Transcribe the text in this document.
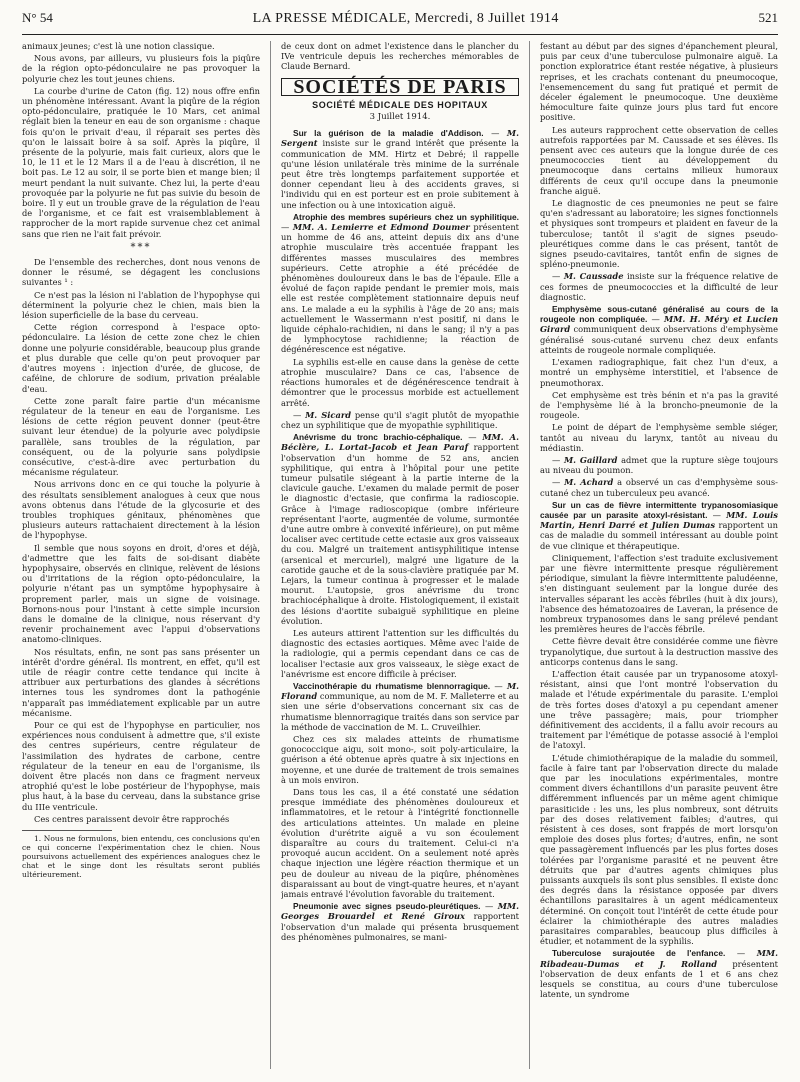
N° 54	LA PRESSE MÉDICALE, Mercredi, 8 Juillet 1914	521

animaux jeunes; c'est là une notion classique.

Nous avons, par ailleurs, vu plusieurs fois la piqûre de la région opto-pédonculaire ne pas provoquer la polyurie chez les tout jeunes chiens.

La courbe d'urine de Caton (fig. 12) nous offre enfin un phénomène intéressant. Avant la piqûre de la région opto-pédonculaire, pratiquée le 10 Mars, cet animal réglait bien la teneur en eau de son organisme : chaque fois qu'on le privait d'eau, il réparait ses pertes dès qu'on le laissait boire à sa soif. Après la piqûre, il présente de la polyurie, mais fait curieux, alors que le 10, le 11 et le 12 Mars il a de l'eau à discrétion, il ne boit pas. Le 12 au soir, il se porte bien et mange bien; il meurt pendant la nuit suivante. Chez lui, la perte d'eau provoquée par la polyurie ne fut pas suivie du besoin de boire. Il y eut un trouble grave de la régulation de l'eau de l'organisme, et ce fait est vraisemblablement à rapprocher de la mort rapide survenue chez cet animal sans que rien ne l'ait fait prévoir.

***

De l'ensemble des recherches, dont nous venons de donner le résumé, se dégagent les conclusions suivantes ¹ :

Ce n'est pas la lésion ni l'ablation de l'hypophyse qui déterminent la polyurie chez le chien, mais bien la lésion superficielle de la base du cerveau.

Cette région correspond à l'espace opto-pédonculaire. La lésion de cette zone chez le chien donne une polyurie considérable, beaucoup plus grande et plus durable que celle qu'on peut provoquer par d'autres moyens : injection d'urée, de glucose, de caféine, de chlorure de sodium, privation préalable d'eau.

Cette zone paraît faire partie d'un mécanisme régulateur de la teneur en eau de l'organisme. Les lésions de cette région peuvent donner (peut-être suivant leur étendue) de la polyurie avec polydipsie parallèle, sans troubles de la régulation, par conséquent, ou de la polyurie sans polydipsie consécutive, c'est-à-dire avec perturbation du mécanisme régulateur.

Nous arrivons donc en ce qui touche la polyurie à des résultats sensiblement analogues à ceux que nous avons obtenus dans l'étude de la glycosurie et des troubles trophiques génitaux, phénomènes que plusieurs auteurs rattachaient directement à la lésion de l'hypophyse.

Il semble que nous soyons en droit, d'ores et déjà, d'admettre que les faits de soi-disant diabète hypophysaire, observés en clinique, relèvent de lésions ou d'irritations de la région opto-pédonculaire, la polyurie n'étant pas un symptôme hypophysaire à proprement parler, mais un signe de voisinage. Bornons-nous pour l'instant à cette simple incursion dans le domaine de la clinique, nous réservant d'y revenir prochainement avec l'appui d'observations anatomo-cliniques.

Nos résultats, enfin, ne sont pas sans présenter un intérêt d'ordre général. Ils montrent, en effet, qu'il est utile de réagir contre cette tendance qui incite à attribuer aux perturbations des glandes à sécrétions internes tous les syndromes dont la pathogénie n'apparaît pas immédiatement explicable par un autre mécanisme.

Pour ce qui est de l'hypophyse en particulier, nos expériences nous conduisent à admettre que, s'il existe des centres supérieurs, centre régulateur de l'assimilation des hydrates de carbone, centre régulateur de la teneur en eau de l'organisme, ils doivent être placés non dans ce fragment nerveux atrophié qu'est le lobe postérieur de l'hypophyse, mais plus haut, à la base du cerveau, dans la substance grise du IIIe ventricule.

Ces centres paraissent devoir être rapprochés

1. Nous ne formulons, bien entendu, ces conclusions qu'en ce qui concerne l'expérimentation chez le chien. Nous poursuivons actuellement des expériences analogues chez le chat et le singe dont les résultats seront publiés ultérieurement.

de ceux dont on admet l'existence dans le plancher du IVe ventricule depuis les recherches mémorables de Claude Bernard.

SOCIÉTÉS DE PARIS
SOCIÉTÉ MÉDICALE DES HOPITAUX
3 Juillet 1914.

Sur la guérison de la maladie d'Addison. — M. Sergent insiste sur le grand intérêt que présente la communication de MM. Hirtz et Debré; il rappelle qu'une lésion unilatérale très minime de la surrénale peut être très longtemps parfaitement supportée et donner cependant lieu à des accidents graves, si l'individu qui en est porteur est en proie subitement à une infection ou à une intoxication aiguë.

Atrophie des membres supérieurs chez un syphilitique. — MM. A. Lemierre et Edmond Doumer présentent un homme de 46 ans, atteint depuis dix ans d'une atrophie musculaire très accentuée frappant les différentes masses musculaires des membres supérieurs. Cette atrophie a été précédée de phénomènes douloureux dans le bas de l'épaule. Elle a évolué de façon rapide pendant le premier mois, mais elle est restée complètement stationnaire depuis neuf ans. Le malade a eu la syphilis à l'âge de 20 ans; mais actuellement le Wassermann n'est positif, ni dans le liquide céphalo-rachidien, ni dans le sang; il n'y a pas de lymphocytose rachidienne; la réaction de dégénérescence est négative.

La syphilis est-elle en cause dans la genèse de cette atrophie musculaire? Dans ce cas, l'absence de réactions humorales et de dégénérescence tendrait à démontrer que le processus morbide est actuellement arrêté.

— M. Sicard pense qu'il s'agit plutôt de myopathie chez un syphilitique que de myopathie syphilitique.

Anévrisme du tronc brachio-céphalique. — MM. A. Béclère, L. Lortat-Jacob et Jean Paraf rapportent l'observation d'un homme de 52 ans, ancien syphilitique, qui entra à l'hôpital pour une petite tumeur pulsatile siégeant à la partie interne de la clavicule gauche. L'examen du malade permit de poser le diagnostic d'ectasie, que confirma la radioscopie. Grâce à l'image radioscopique (ombre inférieure représentant l'aorte, augmentée de volume, surmontée d'une autre ombre à convexité inférieure), on put même localiser avec certitude cette ectasie aux gros vaisseaux du cou. Malgré un traitement antisyphilitique intense (arsenical et mercuriel), malgré une ligature de la carotide gauche et de la sous-clavière pratiquée par M. Lejars, la tumeur continua à progresser et le malade mourut. L'autopsie, gros anévrisme du tronc brachiocéphalique à droite. Histologiquement, il existait des lésions d'aortite subaiguë syphilitique en pleine évolution.

Les auteurs attirent l'attention sur les difficultés du diagnostic des ectasies aortiques. Même avec l'aide de la radiologie, qui a permis cependant dans ce cas de localiser l'ectasie aux gros vaisseaux, le siège exact de l'anévrisme est encore difficile à préciser.

Vaccinothérapie du rhumatisme blennorragique. — M. Florand communique, au nom de M. F. Malleterre et au sien une série d'observations concernant six cas de rhumatisme blennorragique traités dans son service par la méthode de vaccination de M. L. Cruveilhier.

Chez ces six malades atteints de rhumatisme gonococcique aigu, soit mono-, soit poly-articulaire, la guérison a été obtenue après quatre à six injections en moyenne, et une durée de traitement de trois semaines à un mois environ.

Dans tous les cas, il a été constaté une sédation presque immédiate des phénomènes douloureux et inflammatoires, et le retour à l'intégrité fonctionnelle des articulations atteintes. Un malade en pleine évolution d'urétrite aiguë a vu son écoulement disparaître au cours du traitement. Celui-ci n'a provoqué aucun accident. On a seulement noté après chaque injection une légère réaction thermique et un peu de douleur au niveau de la piqûre, phénomènes disparaissant au bout de vingt-quatre heures, et n'ayant jamais entravé l'évolution favorable du traitement.

Pneumonie avec signes pseudo-pleurétiques. — MM. Georges Brouardel et René Giroux rapportent l'observation d'un malade qui présenta brusquement des phénomènes pulmonaires, se mani-

festant au début par des signes d'épanchement pleural, puis par ceux d'une tuberculose pulmonaire aiguë. La ponction exploratrice étant restée négative, à plusieurs reprises, et les crachats contenant du pneumocoque, l'ensemencement du sang fut pratiqué et permit de déceler également le pneumocoque. Une deuxième hémoculture faite quinze jours plus tard fut encore positive.

Les auteurs rapprochent cette observation de celles autrefois rapportées par M. Caussade et ses élèves. Ils pensent avec ces auteurs que la longue durée de ces pneumococcies tient au développement du pneumocoque dans certains milieux humoraux différents de ceux qu'il occupe dans la pneumonie franche aiguë.

Le diagnostic de ces pneumonies ne peut se faire qu'en s'adressant au laboratoire; les signes fonctionnels et physiques sont trompeurs et plaident en faveur de la tuberculose; tantôt il s'agit de signes pseudo-pleurétiques comme dans le cas présent, tantôt de signes pseudo-cavitaires, tantôt enfin de signes de spléno-pneumonie.

— M. Caussade insiste sur la fréquence relative de ces formes de pneumococcies et la difficulté de leur diagnostic.

Emphysème sous-cutané généralisé au cours de la rougeole non compliquée. — MM. H. Méry et Lucien Girard communiquent deux observations d'emphysème généralisé sous-cutané survenu chez deux enfants atteints de rougeole normale compliquée.

L'examen radiographique, fait chez l'un d'eux, a montré un emphysème interstitiel, et l'absence de pneumothorax.

Cet emphysème est très bénin et n'a pas la gravité de l'emphysème lié à la broncho-pneumonie de la rougeole.

Le point de départ de l'emphysème semble siéger, tantôt au niveau du larynx, tantôt au niveau du médiastin.

— M. Gaillard admet que la rupture siège toujours au niveau du poumon.

— M. Achard a observé un cas d'emphysème sous-cutané chez un tuberculeux peu avancé.

Sur un cas de fièvre intermittente trypanosomiasique causée par un parasite atoxyl-résistant. — MM. Louis Martin, Henri Darré et Julien Dumas rapportent un cas de maladie du sommeil intéressant au double point de vue clinique et thérapeutique.

Cliniquement, l'affection s'est traduite exclusivement par une fièvre intermittente presque régulièrement périodique, simulant la fièvre intermittente paludéenne, s'en distinguant seulement par la longue durée des intervalles séparant les accès fébriles (huit à dix jours), l'absence des hématozoaires de Laveran, la présence de nombreux trypanosomes dans le sang prélevé pendant les premières heures de l'accès fébrile.

Cette fièvre devait être considérée comme une fièvre trypanolytique, due surtout à la destruction massive des anticorps contenus dans le sang.

L'affection était causée par un trypanosome atoxyl-résistant, ainsi que l'ont montré l'observation du malade et l'étude expérimentale du parasite. L'emploi de très fortes doses d'atoxyl a pu cependant amener une trêve passagère; mais, pour triompher définitivement des accidents, il a fallu avoir recours au traitement par l'émétique de potasse associé à l'emploi de l'atoxyl.

L'étude chimiothérapique de la maladie du sommeil, facile à faire tant par l'observation directe du malade que par les inoculations expérimentales, montre comment divers échantillons d'un parasite peuvent être différemment influencés par un même agent chimique parasiticide : les uns, les plus nombreux, sont détruits par des doses relativement faibles; d'autres, qui résistent à ces doses, sont frappés de mort lorsqu'on emploie des doses plus fortes; d'autres, enfin, ne sont que passagèrement influencés par les plus fortes doses tolérées par l'organisme parasité et ne peuvent être détruits que par d'autres agents chimiques plus puissants auxquels ils sont plus sensibles. Il existe donc des degrés dans la résistance opposée par divers échantillons parasitaires à un agent médicamenteux déterminé. On conçoit tout l'intérêt de cette étude pour éclairer la chimiothérapie des autres maladies parasitaires comparables, beaucoup plus difficiles à étudier, et notamment de la syphilis.

Tuberculose surajoutée de l'enfance. — MM. Ribadeau-Dumas et J. Rolland présentent l'observation de deux enfants de 1 et 6 ans chez lesquels se constitua, au cours d'une tuberculose latente, un syndrome
